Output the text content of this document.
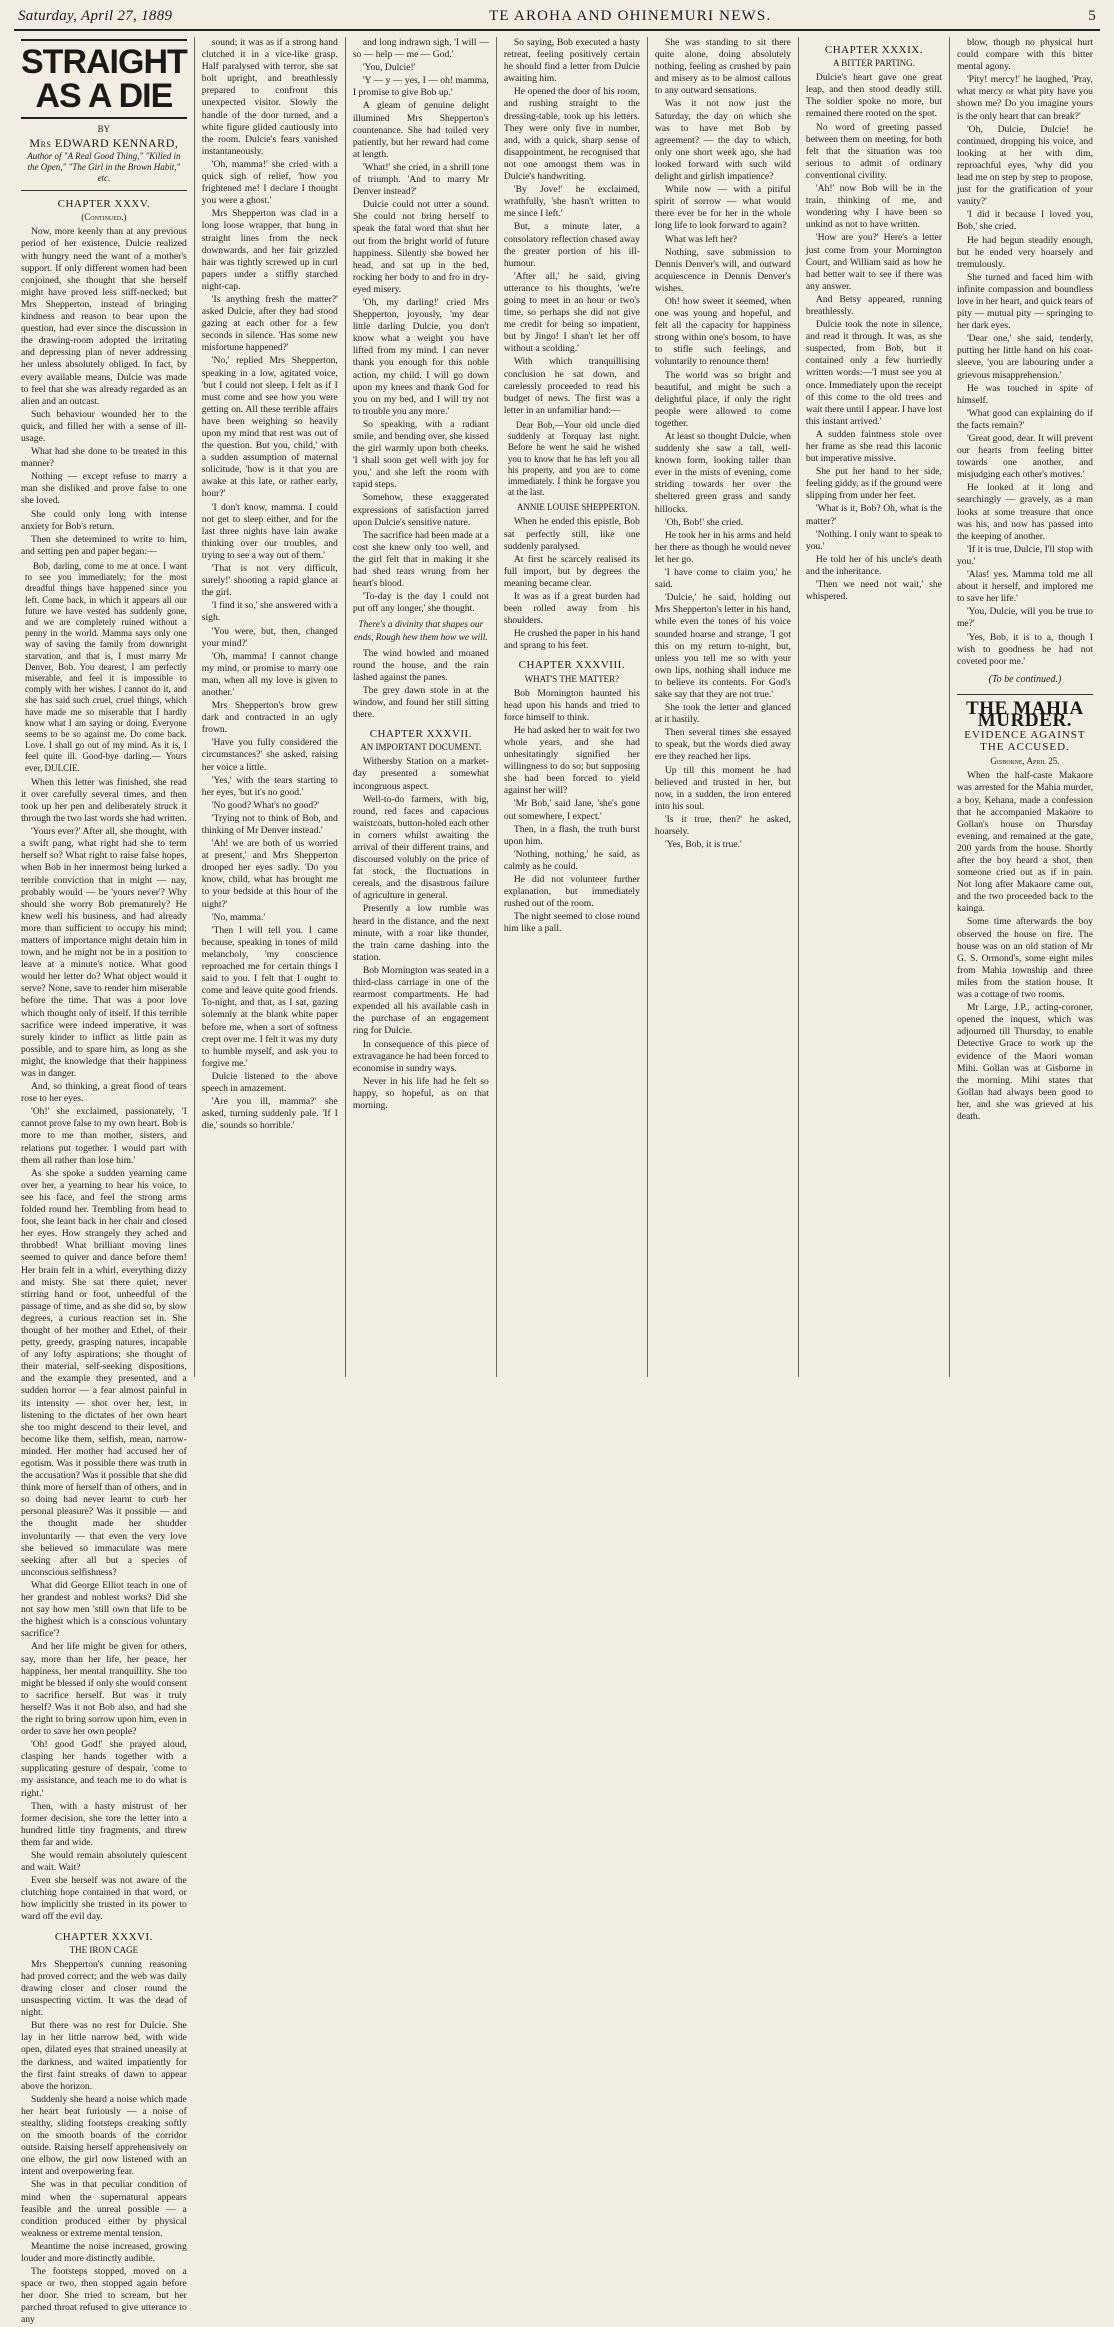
Saturday, April 27, 1889	TE AROHA AND OHINEMURI NEWS.	5
STRAIGHT AS A DIE
BY
Mrs EDWARD KENNARD,
Author of "A Real Good Thing," "Killed in the Open," "The Girl in the Brown Habit," etc.
CHAPTER XXXV.
(Continued.)

Now, more keenly than at any previous period of her existence, Dulcie realized with hungry need the want of a mother's support. If only different women had been conjoined, she thought that she herself might have proved less stiff-necked; but Mrs Shepperton, instead of bringing kindness and reason to bear upon the question, had ever since the discussion in the drawing-room adopted the irritating and depressing plan of never addressing her unless absolutely obliged. In fact, by every available means, Dulcie was made to feel that she was already regarded as an alien and an outcast.

Such behaviour wounded her to the quick, and filled her with a sense of ill-usage.

What had she done to be treated in this manner?

Nothing — except refuse to marry a man she disliked and prove false to one she loved.

She could only long with intense anxiety for Bob's return.

Then she determined to write to him, and setting pen and paper began:—

Bob, darling, come to me at once. I want to see you immediately; for the most dreadful things have happened since you left. Come back, in which it appears all our future we have vested has suddenly gone, and we are completely ruined without a penny in the world. Mamma says only one way of saving the family from downright starvation, and that is, I must marry Mr Denver, Bob. You dearest, I am perfectly miserable, and feel it is impossible to comply with her wishes. I cannot do it, and she has said such cruel, cruel things, which have made me so miserable that I hardly know what I am saying or doing. Everyone seems to be so against me. Do come back. Love. I shall go out of my mind. As it is, I feel quite ill. Good-bye darling.— Yours ever, DULCIE.

When this letter was finished, she read it over carefully several times, and then took up her pen and deliberately struck it through the two last words she had written.

'Yours ever?' After all, she thought, with a swift pang, what right had she to term herself so? What right to raise false hopes, when Bob in her innermost being lurked a terrible conviction that in might — nay, probably would — be 'yours never'? Why should she worry Bob prematurely? He knew well his business, and had already more than sufficient to occupy his mind; matters of importance might detain him in town, and he might not be in a position to leave at a minute's notice. What good would her letter do? What object would it serve? None, save to render him miserable before the time. That was a poor love which thought only of itself. If this terrible sacrifice were indeed imperative, it was surely kinder to inflict as little pain as possible, and to spare him, as long as she might, the knowledge that their happiness was in danger.

And, so thinking, a great flood of tears rose to her eyes.

'Oh!' she exclaimed, passionately, 'I cannot prove false to my own heart. Bob is more to me than mother, sisters, and relations put together. I would part with them all rather than lose him.'

As she spoke a sudden yearning came over her, a yearning to hear his voice, to see his face, and feel the strong arms folded round her. Trembling from head to foot, she leant back in her chair and closed her eyes. How strangely they ached and throbbed! What brilliant moving lines seemed to quiver and dance before them! Her brain felt in a whirl, everything dizzy and misty. She sat there quiet, never stirring hand or foot, unheedful of the passage of time, and as she did so, by slow degrees, a curious reaction set in. She thought of her mother and Ethel, of their petty, greedy, grasping natures, incapable of any lofty aspirations; she thought of their material, self-seeking dispositions, and the example they presented, and a sudden horror — a fear almost painful in its intensity — shot over her, lest, in listening to the dictates of her own heart she too might descend to their level, and become like them, selfish, mean, narrow-minded. Her mother had accused her of egotism. Was it possible there was truth in the accusation? Was it possible that she did think more of herself than of others, and in so doing had never learnt to curb her personal pleasure? Was it possible — and the thought made her shudder involuntarily — that even the very love she believed so immaculate was mere seeking after all but a species of unconscious selfishness?

What did George Elliot teach in one of her grandest and noblest works? Did she not say how men 'still own that life to be the highest which is a conscious voluntary sacrifice'?

And her life might be given for others, say, more than her life, her peace, her happiness, her mental tranquillity. She too might be blessed if only she would consent to sacrifice herself. But was it truly herself? Was it not Bob also, and had she the right to bring sorrow upon him, even in order to save her own people?

'Oh! good God!' she prayed aloud, clasping her hands together with a supplicating gesture of despair, 'come to my assistance, and teach me to do what is right.'

Then, with a hasty mistrust of her former decision, she tore the letter into a hundred little tiny fragments, and threw them far and wide.

She would remain absolutely quiescent and wait. Wait?

Even she herself was not aware of the clutching hope contained in that word, or how implicitly she trusted in its power to ward off the evil day.

CHAPTER XXXVI.
THE IRON CAGE

Mrs Shepperton's cunning reasoning had proved correct; and the web was daily drawing closer and closer round the unsuspecting victim. It was the dead of night.

But there was no rest for Dulcie. She lay in her little narrow bed, with wide open, dilated eyes that strained uneasily at the darkness, and waited impatiently for the first faint streaks of dawn to appear above the horizon.

Suddenly she heard a noise which made her heart beat furiously — a noise of stealthy, sliding footsteps creaking softly on the smooth boards of the corridor outside. Raising herself apprehensively on one elbow, the girl now listened with an intent and overpowering fear.

She was in that peculiar condition of mind when the supernatural appears feasible and the unreal possible — a condition produced either by physical weakness or extreme mental tension.

Meantime the noise increased, growing louder and more distinctly audible.

The footsteps stopped, moved on a space or two, then stopped again before her door. She tried to scream, but her parched throat refused to give utterance to any

sound; it was as if a strong hand clutched it in a vice-like grasp. Half paralysed with terror, she sat bolt upright, and breathlessly prepared to confront this unexpected visitor. Slowly the handle of the door turned, and a white figure glided cautiously into the room. Dulcie's fears vanished instantaneously.

'Oh, mamma!' she cried with a quick sigh of relief, 'how you frightened me! I declare I thought you were a ghost.'

Mrs Shepperton was clad in a long loose wrapper, that hung in straight lines from the neck downwards, and her fair grizzled hair was tightly screwed up in curl papers under a stiffly starched night-cap.

'Is anything fresh the matter?' asked Dulcie, after they had stood gazing at each other for a few seconds in silence. 'Has some new misfortune happened?'

'No,' replied Mrs Shepperton, speaking in a low, agitated voice, 'but I could not sleep. I felt as if I must come and see how you were getting on. All these terrible affairs have been weighing so heavily upon my mind that rest was out of the question. But you, child,' with a sudden assumption of maternal solicitude, 'how is it that you are awake at this late, or rather early, hour?'

'I don't know, mamma. I could not get to sleep either, and for the last three nights have lain awake thinking over our troubles, and trying to see a way out of them.'

'That is not very difficult, surely!' shooting a rapid glance at the girl.

'I find it so,' she answered with a sigh.

'You were, but, then, changed your mind?'

'Oh, mamma! I cannot change my mind, or promise to marry one man, when all my love is given to another.'

Mrs Shepperton's brow grew dark and contracted in an ugly frown.

'Have you fully considered the circumstances?' she asked, raising her voice a little.

'Yes,' with the tears starting to her eyes, 'but it's no good.'

'No good? What's no good?'

'Trying not to think of Bob, and thinking of Mr Denver instead.'

'Ah! we are both of us worried at present,' and Mrs Shepperton drooped her eyes sadly. 'Do you know, child, what has brought me to your bedside at this hour of the night?'

'No, mamma.'

'Then I will tell you. I came because, speaking in tones of mild melancholy, 'my conscience reproached me for certain things I said to you. I felt that I ought to come and leave quite good friends. To-night, and that, as I sat, gazing solemnly at the blank white paper before me, when a sort of softness crept over me. I felt it was my duty to humble myself, and ask you to forgive me.'

Dulcie listened to the above speech in amazement.

'Are you ill, mamma?' she asked, turning suddenly pale. 'If I die,' sounds so horrible.'

and long indrawn sigh, 'I will — so — help — me — God.'

'You, Dulcie!'

'Y — y — yes, I — oh! mamma, I promise to give Bob up.'

A gleam of genuine delight illumined Mrs Shepperton's countenance. She had toiled very patiently, but her reward had come at length.

'What!' she cried, in a shrill tone of triumph. 'And to marry Mr Denver instead?'

Dulcie could not utter a sound. She could not bring herself to speak the fatal word that shut her out from the bright world of future happiness. Silently she bowed her head, and sat up in the bed, rocking her body to and fro in dry-eyed misery.

'Oh, my darling!' cried Mrs Shepperton, joyously, 'my dear little darling Dulcie, you don't know what a weight you have lifted from my mind. I can never thank you enough for this noble action, my child. I will go down upon my knees and thank God for you on my bed, and I will try not to trouble you any more.'

So speaking, with a radiant smile, and bending over, she kissed the girl warmly upon both cheeks. 'I shall soon get well with joy for you,' and she left the room with rapid steps.

Somehow, these exaggerated expressions of satisfaction jarred upon Dulcie's sensitive nature.

The sacrifice had been made at a cost she knew only too well, and the girl felt that in making it she had shed tears wrung from her heart's blood.

'To-day is the day I could not put off any longer,' she thought.

There's a divinity that shapes our ends, Rough hew them how we will.

The wind howled and moaned round the house, and the rain lashed against the panes.

The grey dawn stole in at the window, and found her still sitting there.

CHAPTER XXXVII.
AN IMPORTANT DOCUMENT.

Withersby Station on a market-day presented a somewhat incongruous aspect.

Well-to-do farmers, with big, round, red faces and capacious waistcoats, button-holed each other in corners whilst awaiting the arrival of their different trains, and discoursed volubly on the price of fat stock, the fluctuations in cereals, and the disastrous failure of agriculture in general.

Presently a low rumble was heard in the distance, and the next minute, with a roar like thunder, the train came dashing into the station.

Bob Mornington was seated in a third-class carriage in one of the rearmost compartments. He had expended all his available cash in the purchase of an engagement ring for Dulcie.

In consequence of this piece of extravagance he had been forced to economise in sundry ways.

Never in his life had he felt so happy, so hopeful, as on that morning.

So saying, Bob executed a hasty retreat, feeling positively certain he should find a letter from Dulcie awaiting him.

He opened the door of his room, and rushing straight to the dressing-table, took up his letters. They were only five in number, and, with a quick, sharp sense of disappointment, he recognised that not one amongst them was in Dulcie's handwriting.

'By Jove!' he exclaimed, wrathfully, 'she hasn't written to me since I left.'

But, a minute later, a consolatory reflection chased away the greater portion of his ill-humour.

'After all,' he said, giving utterance to his thoughts, 'we're going to meet in an hour or two's time, so perhaps she did not give me credit for being so impatient, but by Jingo! I shan't let her off without a scolding.'

With which tranquillising conclusion he sat down, and carelessly proceeded to read his budget of news. The first was a letter in an unfamiliar hand:—

Dear Bob,—Your old uncle died suddenly at Torquay last night. Before he went he said he wished you to know that he has left you all his property, and you are to come immediately. I think he forgave you at the last.

ANNIE LOUISE SHEPPERTON.

When he ended this epistle, Bob sat perfectly still, like one suddenly paralysed.

At first he scarcely realised its full import, but by degrees the meaning became clear.

It was as if a great burden had been rolled away from his shoulders.

He crushed the paper in his hand and sprang to his feet.

CHAPTER XXXVIII.
WHAT'S THE MATTER?

Bob Mornington haunted his head upon his hands and tried to force himself to think.

He had asked her to wait for two whole years, and she had unhesitatingly signified her willingness to do so; but supposing she had been forced to yield against her will?

'Mr Bob,' said Jane, 'she's gone out somewhere, I expect.'

Then, in a flash, the truth burst upon him.

'Nothing, nothing,' he said, as calmly as he could.

He did not volunteer further explanation, but immediately rushed out of the room.

The night seemed to close round him like a pall.

She was standing to sit there quite alone, doing absolutely nothing, feeling as crushed by pain and misery as to be almost callous to any outward sensations.

Was it not now just the Saturday, the day on which she was to have met Bob by agreement? — the day to which, only one short week ago, she had looked forward with such wild delight and girlish impatience?

While now — with a pitiful spirit of sorrow — what would there ever be for her in the whole long life to look forward to again?

What was left her?

Nothing, save submission to Dennis Denver's will, and outward acquiescence in Dennis Denver's wishes.

Oh! how sweet it seemed, when one was young and hopeful, and felt all the capacity for happiness strong within one's bosom, to have to stifle such feelings, and voluntarily to renounce them!

The world was so bright and beautiful, and might be such a delightful place, if only the right people were allowed to come together.

At least so thought Dulcie, when suddenly she saw a tall, well-known form, looking taller than ever in the mists of evening, come striding towards her over the sheltered green grass and sandy hillocks.

'Oh, Bob!' she cried.

He took her in his arms and held her there as though he would never let her go.

'I have come to claim you,' he said.

'Dulcie,' he said, holding out Mrs Shepperton's letter in his hand, while even the tones of his voice sounded hoarse and strange, 'I got this on my return to-night, but, unless you tell me so with your own lips, nothing shall induce me to believe its contents. For God's sake say that they are not true.'

She took the letter and glanced at it hastily.

Then several times she essayed to speak, but the words died away ere they reached her lips.

Up till this moment he had believed and trusted in her, but now, in a sudden, the iron entered into his soul.

'Is it true, then?' he asked, hoarsely.

'Yes, Bob, it is true.'

CHAPTER XXXIX.
A BITTER PARTING.

Dulcie's heart gave one great leap, and then stood deadly still. The soldier spoke no more, but remained there rooted on the spot.

No word of greeting passed between them on meeting, for both felt that the situation was too serious to admit of ordinary conventional civility.

'Ah!' now Bob will be in the train, thinking of me, and wondering why I have been so unkind as not to have written.

'How are you?' Here's a letter just come from your Mornington Court, and William said as how he had better wait to see if there was any answer.

And Betsy appeared, running breathlessly.

Dulcie took the note in silence, and read it through. It was, as she suspected, from Bob, but it contained only a few hurriedly written words:—'I must see you at once. Immediately upon the receipt of this come to the old trees and wait there until I appear. I have lost this instant arrived.'

A sudden faintness stole over her frame as she read this laconic but imperative missive.

She put her hand to her side, feeling giddy, as if the ground were slipping from under her feet.

'What is it, Bob? Oh, what is the matter?'

'Nothing. I only want to speak to you.'

He told her of his uncle's death and the inheritance.

'Then we need not wait,' she whispered.

blow, though no physical hurt could compare with this bitter mental agony.

'Pity! mercy!' he laughed, 'Pray, what mercy or what pity have you shown me? Do you imagine yours is the only heart that can break?'

'Oh, Dulcie, Dulcie! he continued, dropping his voice, and looking at her with dim, reproachful eyes, 'why did you lead me on step by step to propose, just for the gratification of your vanity?'

'I did it because I loved you, Bob,' she cried.

He had begun steadily enough, but he ended very hoarsely and tremulously.

She turned and faced him with infinite compassion and boundless love in her heart, and quick tears of pity — mutual pity — springing to her dark eyes.

'Dear one,' she said, tenderly, putting her little hand on his coat-sleeve, 'you are labouring under a grievous misapprehension.'

He was touched in spite of himself.

'What good can explaining do if the facts remain?'

'Great good, dear. It will prevent our hearts from feeling bitter towards one another, and misjudging each other's motives.'

He looked at it long and searchingly — gravely, as a man looks at some treasure that once was his, and now has passed into the keeping of another.

'If it is true, Dulcie, I'll stop with you.'

'Alas! yes. Mamma told me all about it herself, and implored me to save her life.'

'You, Dulcie, will you be true to me?'

'Yes, Bob, it is to a, though I wish to goodness he had not coveted poor me.'

(To be continued.)
THE MAHIA MURDER.
EVIDENCE AGAINST THE ACCUSED.
Gisborne, April 25.

When the half-caste Makaore was arrested for the Mahia murder, a boy, Kehana, made a confession that he accompanied Makaore to Gollan's house on Thursday evening, and remained at the gate, 200 yards from the house. Shortly after the boy heard a shot, then someone cried out as if in pain. Not long after Makaore came out, and the two proceeded back to the kainga.

Some time afterwards the boy observed the house on fire. The house was on an old station of Mr G. S. Ormond's, some eight miles from Mahia township and three miles from the station house. It was a cottage of two rooms.

Mr Large, J.P., acting-coroner, opened the inquest, which was adjourned till Thursday, to enable Detective Grace to work up the evidence of the Maori woman Mihi. Gollan was at Gisborne in the morning. Mihi states that Gollan had always been good to her, and she was grieved at his death.
